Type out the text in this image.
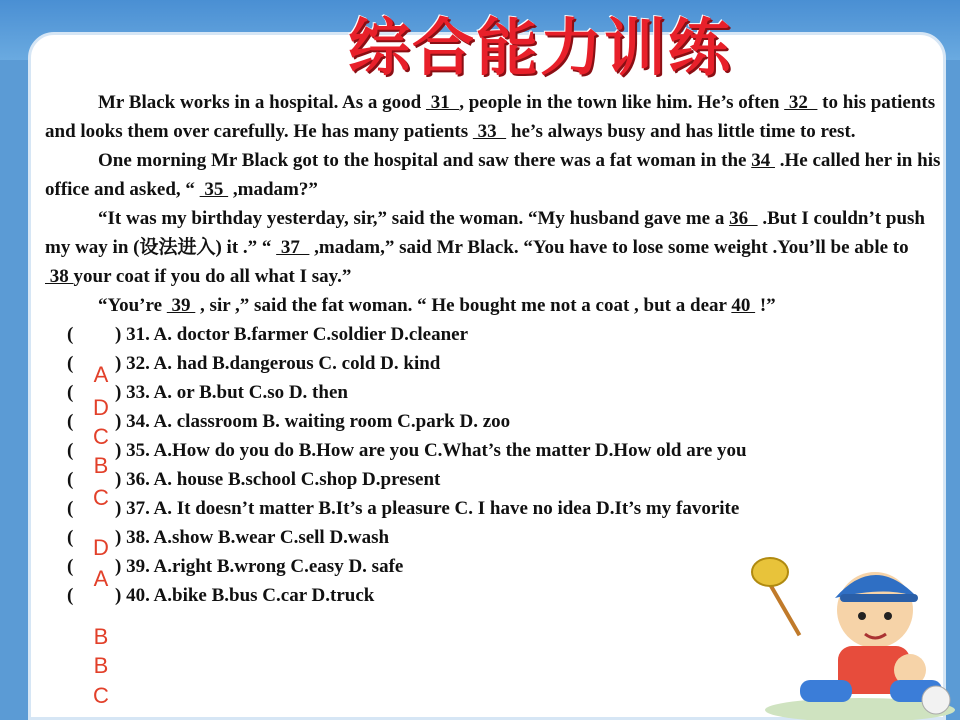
综合能力训练

Mr Black works in a hospital. As a good  31  , people in the town like him. He’s often  32   to his patients and looks them over carefully. He has many patients  33   he’s always busy and has little time to rest.

One morning Mr Black got to the hospital and saw there was a fat woman in the 34  .He called her in his office and asked, “  35  ,madam?”

“It was my birthday yesterday, sir,” said the woman. “My husband gave me a 36   .But I couldn’t push my way in (设法进入) it .” “  37   ,madam,” said Mr Black. “You have to lose some weight .You’ll be able to  38 your coat if you do all what I say.”

“You’re  39  , sir ,” said the fat woman. “ He bought me not a coat , but a dear 40  !”

( ) 31. A. doctor B.farmer C.soldier D.cleaner

( ) 32. A. had B.dangerous C. cold D. kind

( ) 33. A. or B.but C.so D. then

( ) 34. A. classroom B. waiting room C.park D. zoo

( ) 35. A.How do you do B.How are you C.What’s the matter D.How old are you

( ) 36. A. house B.school C.shop D.present

( ) 37. A. It doesn’t matter B.It’s a pleasure C. I have no idea D.It’s my favorite

( ) 38. A.show B.wear C.sell D.wash

( ) 39. A.right B.wrong C.easy D. safe

( ) 40. A.bike B.bus C.car D.truck

A
D
C
B
C
D
A
B
B
C
